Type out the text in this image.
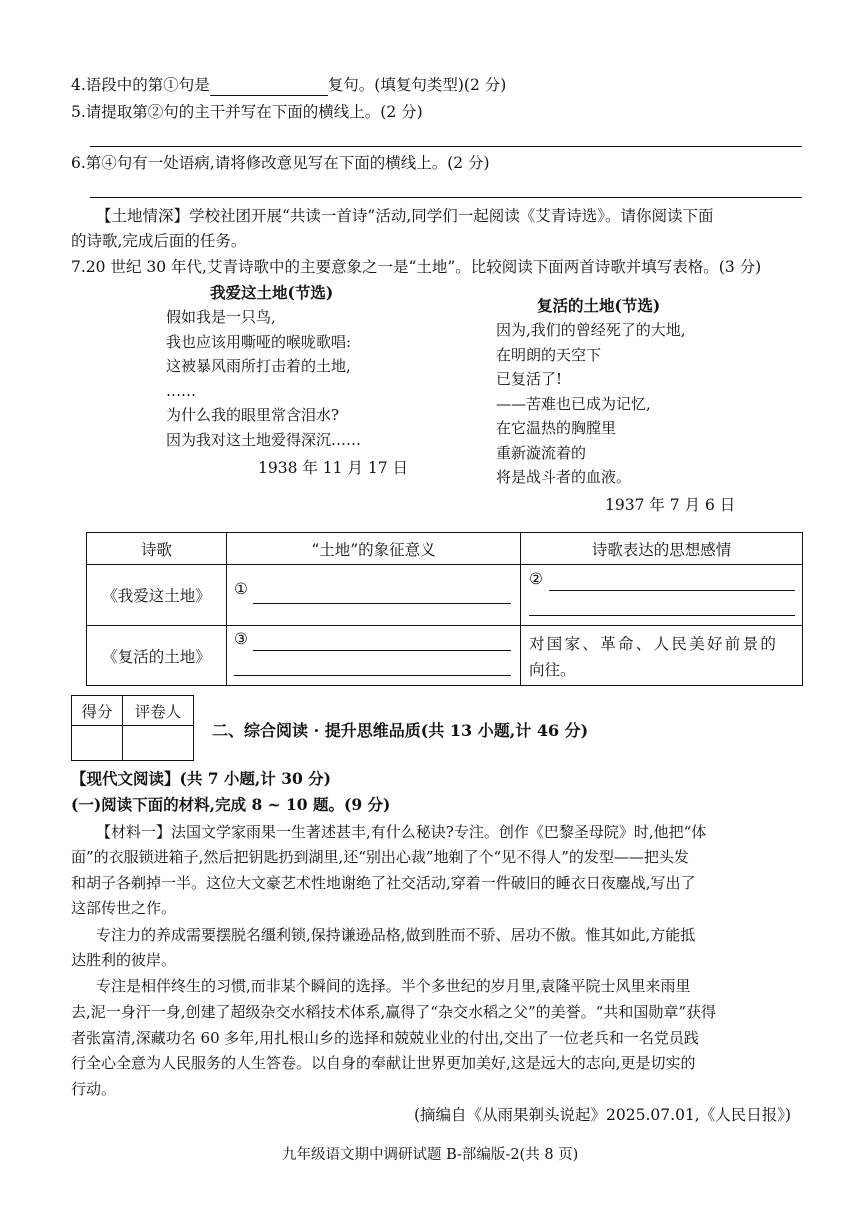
4.语段中的第①句是	复句。(填复句类型)(2 分)
5.请提取第②句的主干并写在下面的横线上。(2 分)
6.第④句有一处语病,请将修改意见写在下面的横线上。(2 分)
【土地情深】学校社团开展“共读一首诗”活动,同学们一起阅读《艾青诗选》。请你阅读下面
的诗歌,完成后面的任务。
7.20 世纪 30 年代,艾青诗歌中的主要意象之一是“土地”。比较阅读下面两首诗歌并填写表格。(3 分)
我爱这土地(节选)
假如我是一只鸟,
我也应该用嘶哑的喉咙歌唱:
这被暴风雨所打击着的土地,
……
为什么我的眼里常含泪水?
因为我对这土地爱得深沉……
1938 年 11 月 17 日
复活的土地(节选)
因为,我们的曾经死了的大地,
在明朗的天空下
已复活了!
——苦难也已成为记忆,
在它温热的胸膛里
重新漩流着的
将是战斗者的血液。
1937 年 7 月 6 日
诗歌	“土地”的象征意义	诗歌表达的思想感情
《我爱这土地》	①	②

《复活的土地》	③	对国家、革命、人民美好前景的
向往。
得分	评卷人

二、综合阅读 · 提升思维品质(共 13 小题,计 46 分)
【现代文阅读】(共 7 小题,计 30 分)
(一)阅读下面的材料,完成 8 ~ 10 题。(9 分)
【材料一】法国文学家雨果一生著述甚丰,有什么秘诀?专注。创作《巴黎圣母院》时,他把“体
面”的衣服锁进箱子,然后把钥匙扔到湖里,还“别出心裁”地剃了个“见不得人”的发型——把头发
和胡子各剃掉一半。这位大文豪艺术性地谢绝了社交活动,穿着一件破旧的睡衣日夜鏖战,写出了
这部传世之作。
专注力的养成需要摆脱名缰利锁,保持谦逊品格,做到胜而不骄、居功不傲。惟其如此,方能抵
达胜利的彼岸。
专注是相伴终生的习惯,而非某个瞬间的选择。半个多世纪的岁月里,袁隆平院士风里来雨里
去,泥一身汗一身,创建了超级杂交水稻技术体系,赢得了“杂交水稻之父”的美誉。“共和国勋章”获得
者张富清,深藏功名 60 多年,用扎根山乡的选择和兢兢业业的付出,交出了一位老兵和一名党员践
行全心全意为人民服务的人生答卷。以自身的奉献让世界更加美好,这是远大的志向,更是切实的
行动。
(摘编自《从雨果剃头说起》2025.07.01,《人民日报》)
九年级语文期中调研试题 B-部编版-2(共 8 页)
